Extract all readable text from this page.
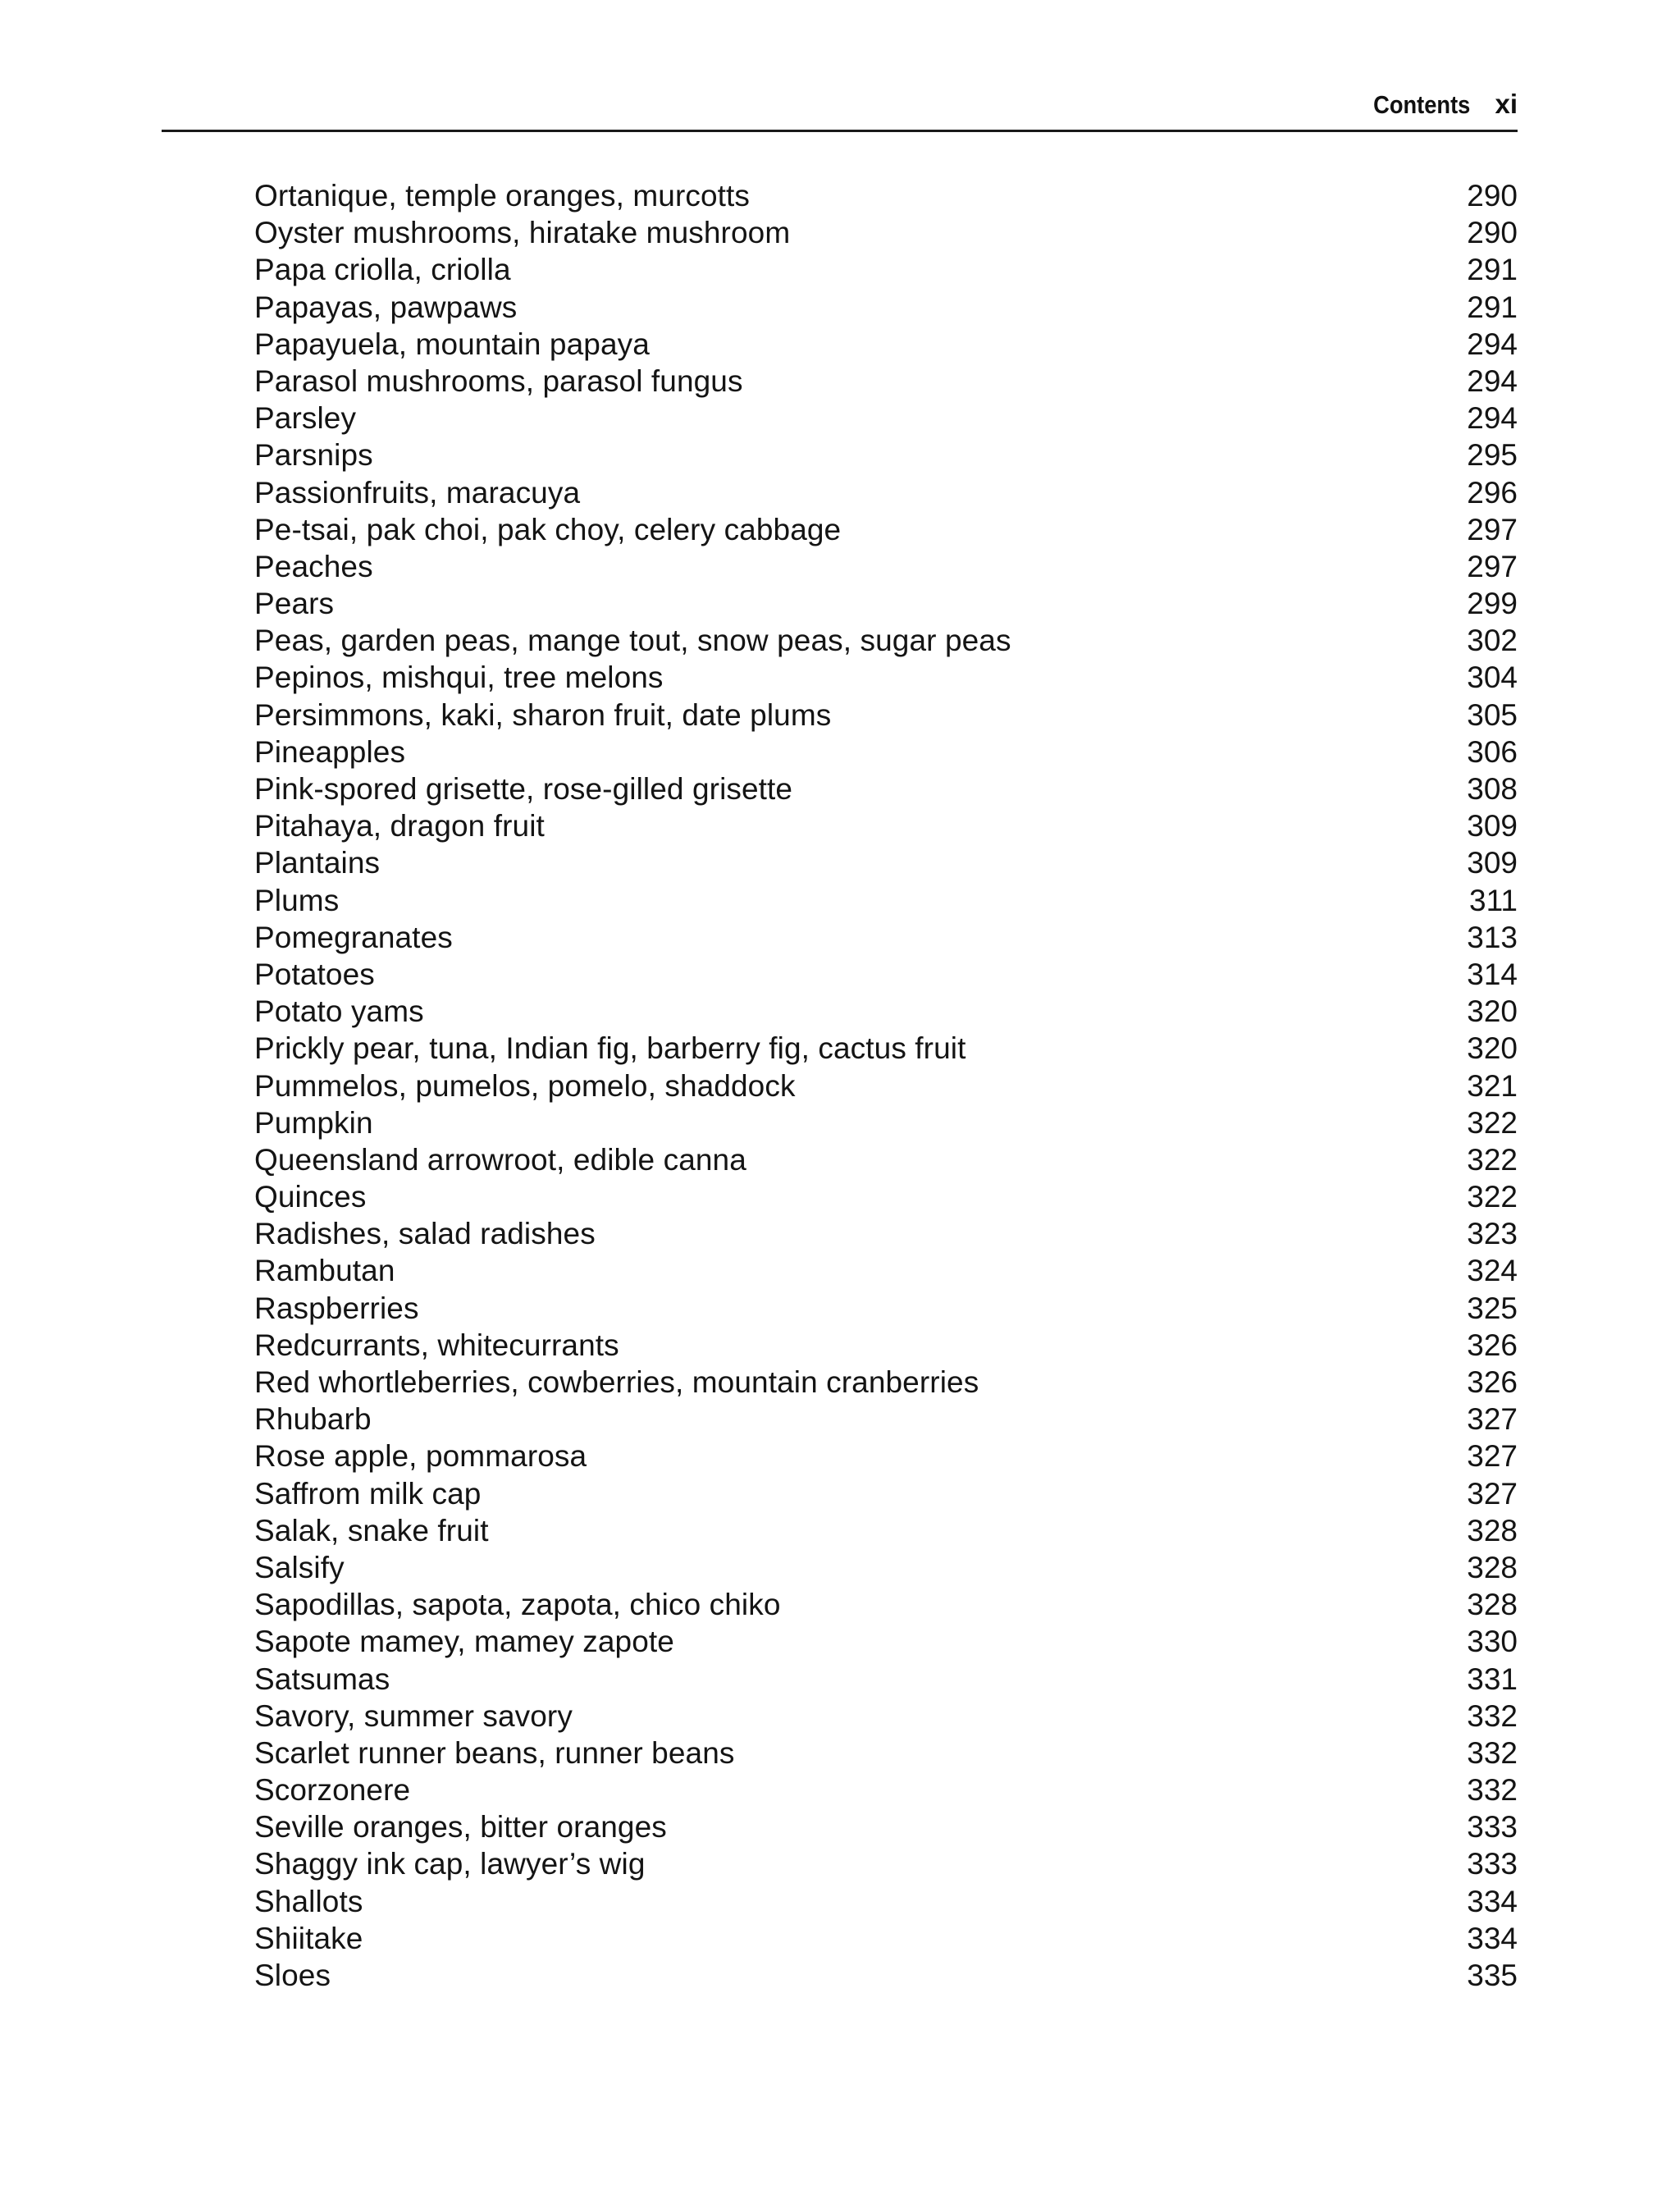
Contents xi
Ortanique, temple oranges, murcotts	290
Oyster mushrooms, hiratake mushroom	290
Papa criolla, criolla	291
Papayas, pawpaws	291
Papayuela, mountain papaya	294
Parasol mushrooms, parasol fungus	294
Parsley	294
Parsnips	295
Passionfruits, maracuya	296
Pe-tsai, pak choi, pak choy, celery cabbage	297
Peaches	297
Pears	299
Peas, garden peas, mange tout, snow peas, sugar peas	302
Pepinos, mishqui, tree melons	304
Persimmons, kaki, sharon fruit, date plums	305
Pineapples	306
Pink-spored grisette, rose-gilled grisette	308
Pitahaya, dragon fruit	309
Plantains	309
Plums	311
Pomegranates	313
Potatoes	314
Potato yams	320
Prickly pear, tuna, Indian fig, barberry fig, cactus fruit	320
Pummelos, pumelos, pomelo, shaddock	321
Pumpkin	322
Queensland arrowroot, edible canna	322
Quinces	322
Radishes, salad radishes	323
Rambutan	324
Raspberries	325
Redcurrants, whitecurrants	326
Red whortleberries, cowberries, mountain cranberries	326
Rhubarb	327
Rose apple, pommarosa	327
Saffrom milk cap	327
Salak, snake fruit	328
Salsify	328
Sapodillas, sapota, zapota, chico chiko	328
Sapote mamey, mamey zapote	330
Satsumas	331
Savory, summer savory	332
Scarlet runner beans, runner beans	332
Scorzonere	332
Seville oranges, bitter oranges	333
Shaggy ink cap, lawyer’s wig	333
Shallots	334
Shiitake	334
Sloes	335
